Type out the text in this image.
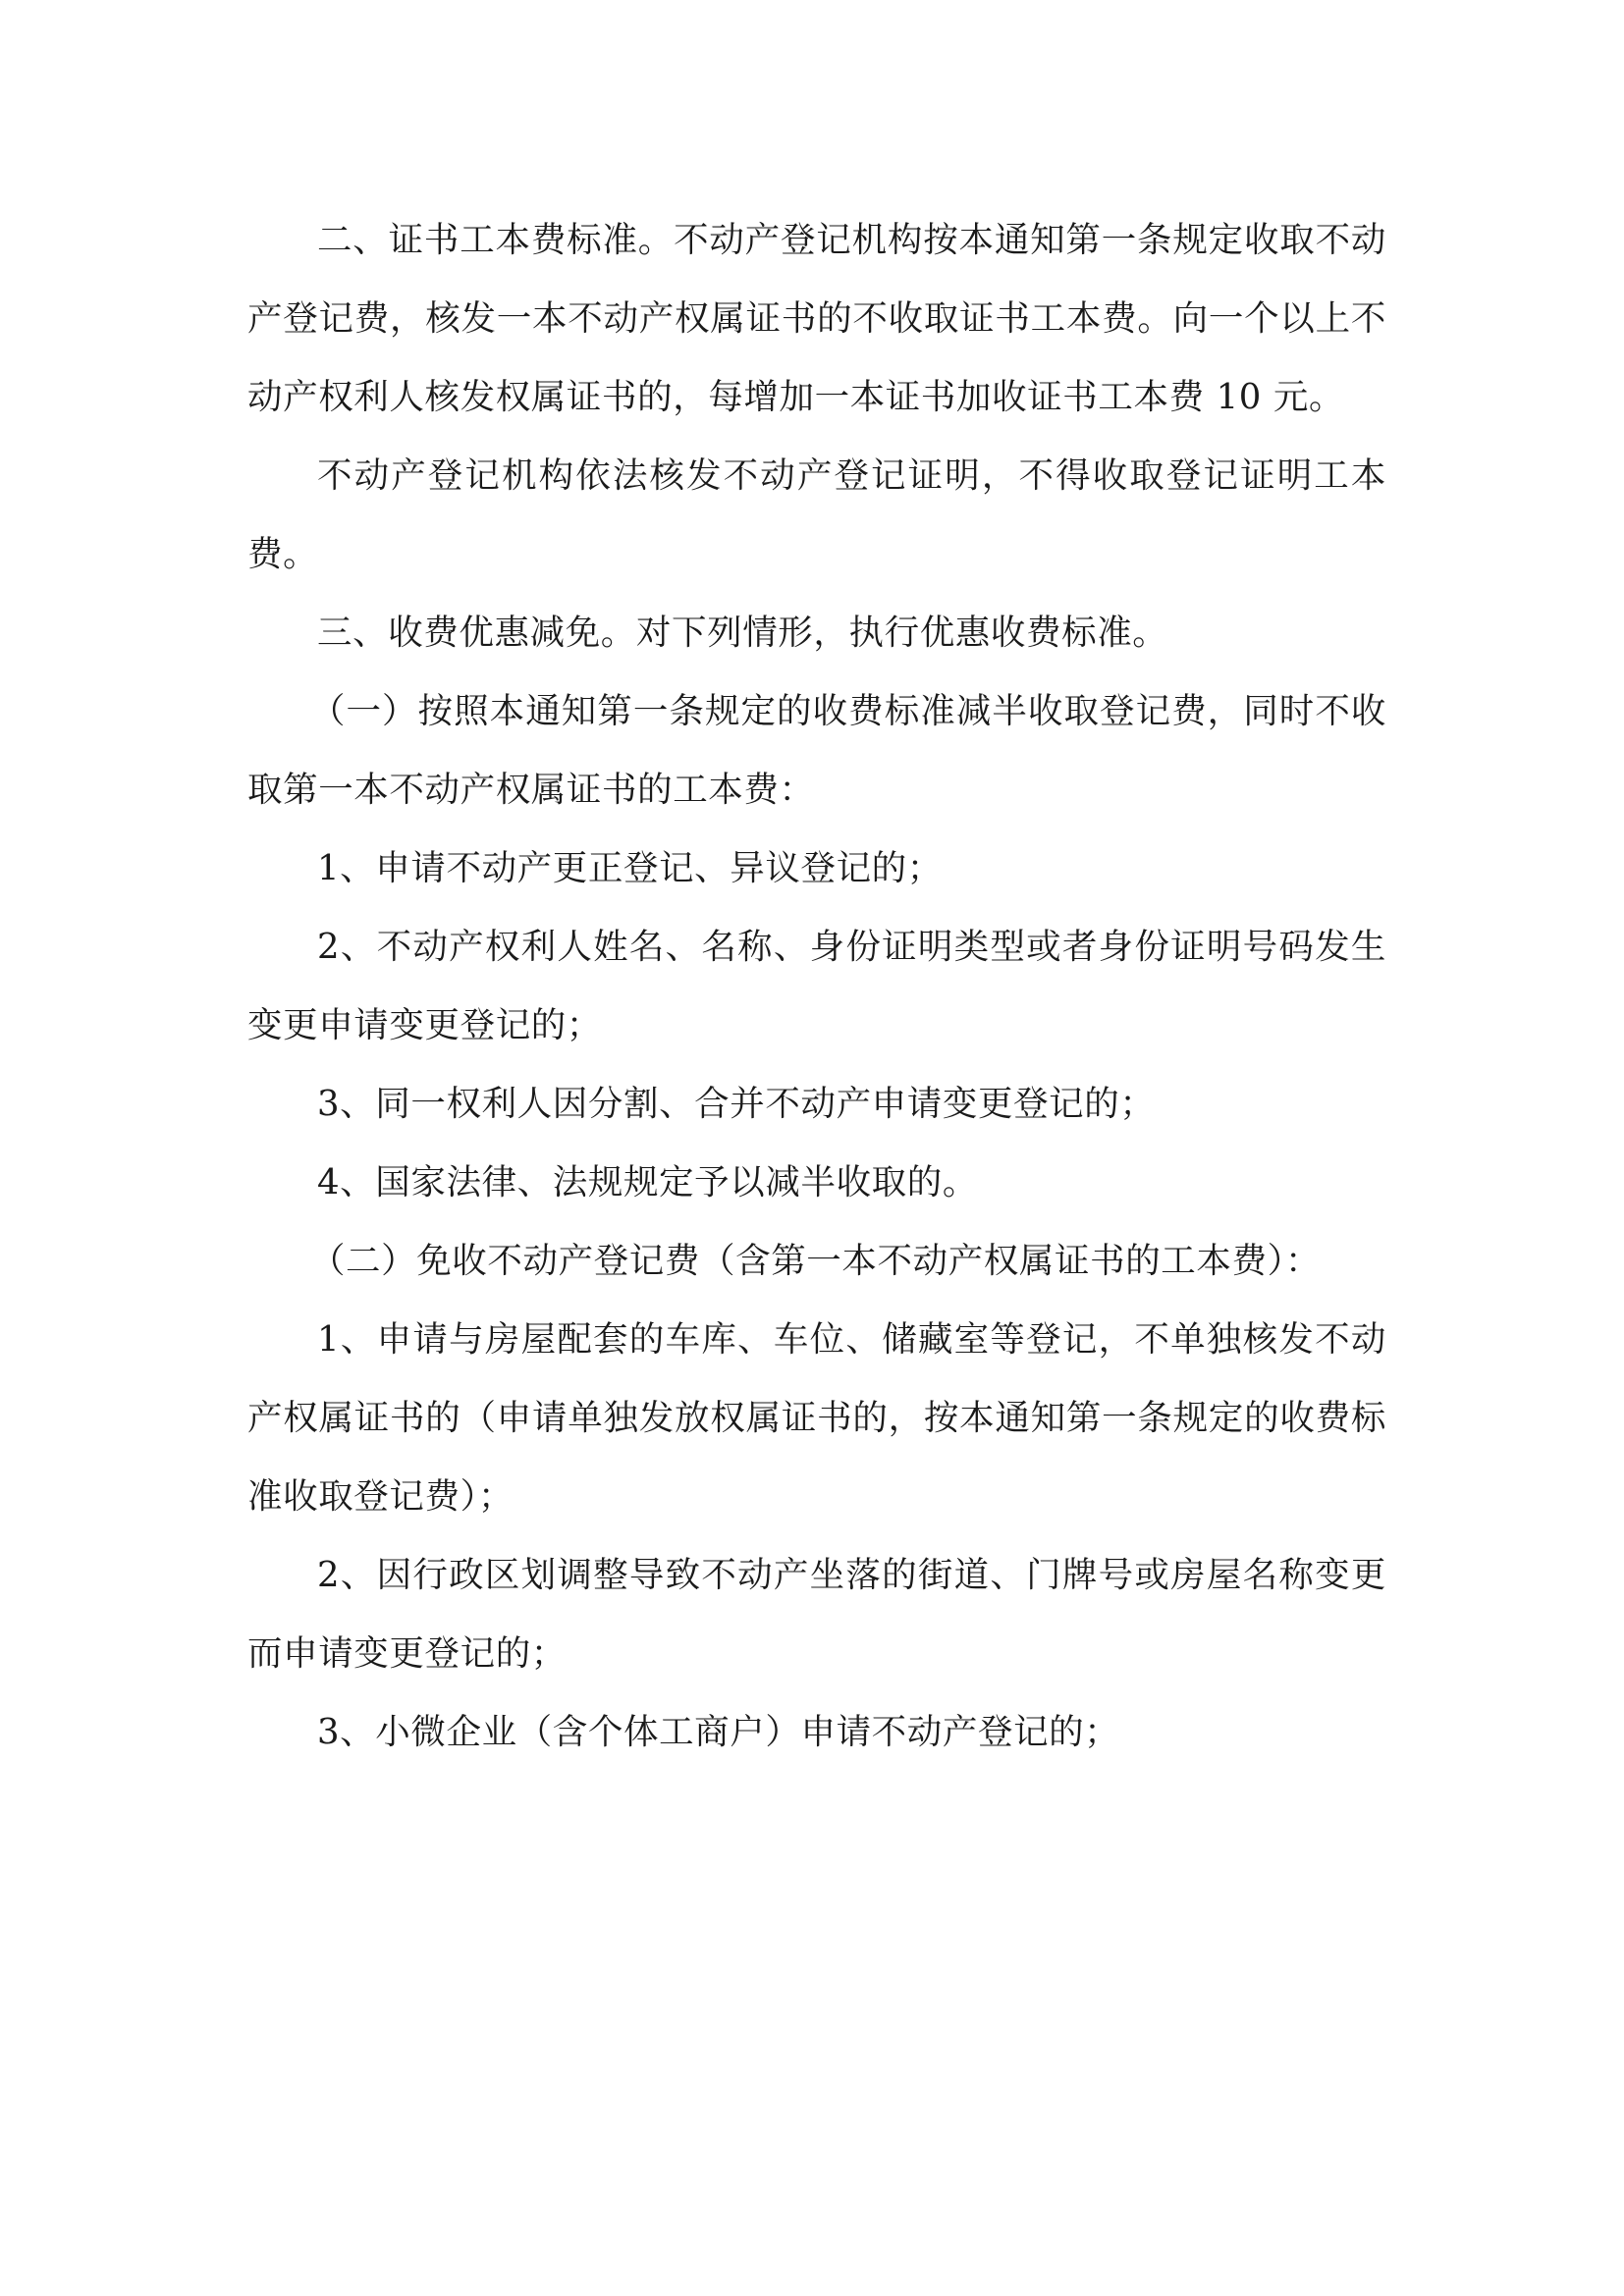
二、证书工本费标准。不动产登记机构按本通知第一条规定收取不动产登记费，核发一本不动产权属证书的不收取证书工本费。向一个以上不动产权利人核发权属证书的，每增加一本证书加收证书工本费 10 元。

不动产登记机构依法核发不动产登记证明，不得收取登记证明工本费。

三、收费优惠减免。对下列情形，执行优惠收费标准。

（一）按照本通知第一条规定的收费标准减半收取登记费，同时不收取第一本不动产权属证书的工本费：

1、申请不动产更正登记、异议登记的；

2、不动产权利人姓名、名称、身份证明类型或者身份证明号码发生变更申请变更登记的；

3、同一权利人因分割、合并不动产申请变更登记的；

4、国家法律、法规规定予以减半收取的。

（二）免收不动产登记费（含第一本不动产权属证书的工本费）：

1、申请与房屋配套的车库、车位、储藏室等登记，不单独核发不动产权属证书的（申请单独发放权属证书的，按本通知第一条规定的收费标准收取登记费）；

2、因行政区划调整导致不动产坐落的街道、门牌号或房屋名称变更而申请变更登记的；

3、小微企业（含个体工商户）申请不动产登记的；
